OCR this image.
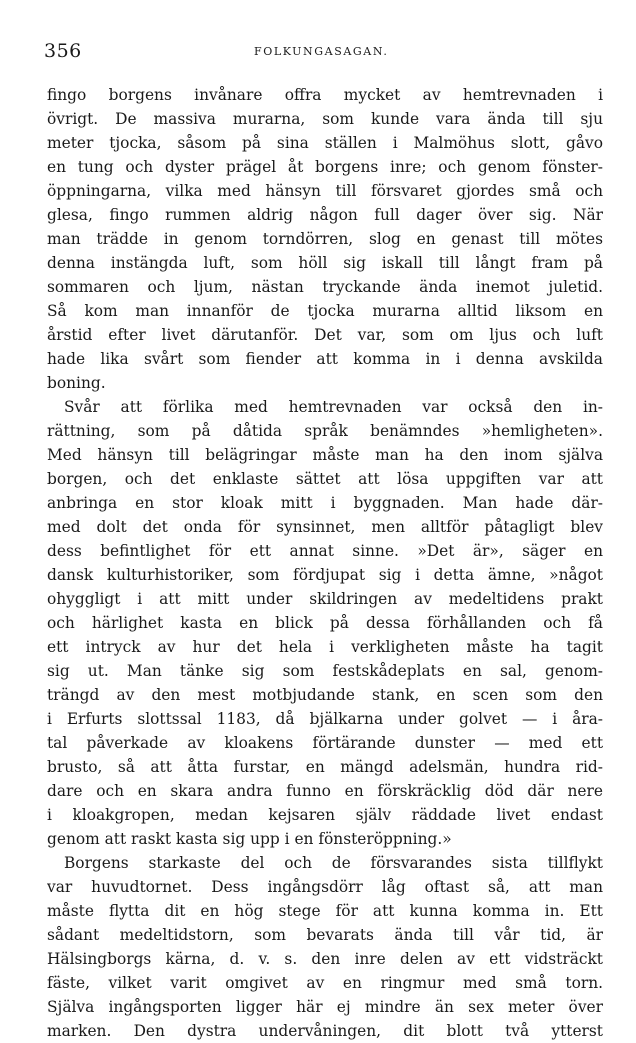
356	FOLKUNGASAGAN.
fingo borgens invånare offra mycket av hemtrevnaden i
övrigt. De massiva murarna, som kunde vara ända till sju
meter tjocka, såsom på sina ställen i Malmöhus slott, gåvo
en tung och dyster prägel åt borgens inre; och genom fönster-
öppningarna, vilka med hänsyn till försvaret gjordes små och
glesa, fingo rummen aldrig någon full dager över sig. När
man trädde in genom torndörren, slog en genast till mötes
denna instängda luft, som höll sig iskall till långt fram på
sommaren och ljum, nästan tryckande ända inemot juletid.
Så kom man innanför de tjocka murarna alltid liksom en
årstid efter livet därutanför. Det var, som om ljus och luft
hade lika svårt som fiender att komma in i denna avskilda
boning.
Svår att förlika med hemtrevnaden var också den in-
rättning, som på dåtida språk benämndes »hemligheten».
Med hänsyn till belägringar måste man ha den inom själva
borgen, och det enklaste sättet att lösa uppgiften var att
anbringa en stor kloak mitt i byggnaden. Man hade där-
med dolt det onda för synsinnet, men alltför påtagligt blev
dess befintlighet för ett annat sinne. »Det är», säger en
dansk kulturhistoriker, som fördjupat sig i detta ämne, »något
ohyggligt i att mitt under skildringen av medeltidens prakt
och härlighet kasta en blick på dessa förhållanden och få
ett intryck av hur det hela i verkligheten måste ha tagit
sig ut. Man tänke sig som festskådeplats en sal, genom-
trängd av den mest motbjudande stank, en scen som den
i Erfurts slottssal 1183, då bjälkarna under golvet — i åra-
tal påverkade av kloakens förtärande dunster — med ett
brusto, så att åtta furstar, en mängd adelsmän, hundra rid-
dare och en skara andra funno en förskräcklig död där nere
i kloakgropen, medan kejsaren själv räddade livet endast
genom att raskt kasta sig upp i en fönsteröppning.»
Borgens starkaste del och de försvarandes sista tillflykt
var huvudtornet. Dess ingångsdörr låg oftast så, att man
måste flytta dit en hög stege för att kunna komma in. Ett
sådant medeltidstorn, som bevarats ända till vår tid, är
Hälsingborgs kärna, d. v. s. den inre delen av ett vidsträckt
fäste, vilket varit omgivet av en ringmur med små torn.
Själva ingångsporten ligger här ej mindre än sex meter över
marken. Den dystra undervåningen, dit blott två ytterst
